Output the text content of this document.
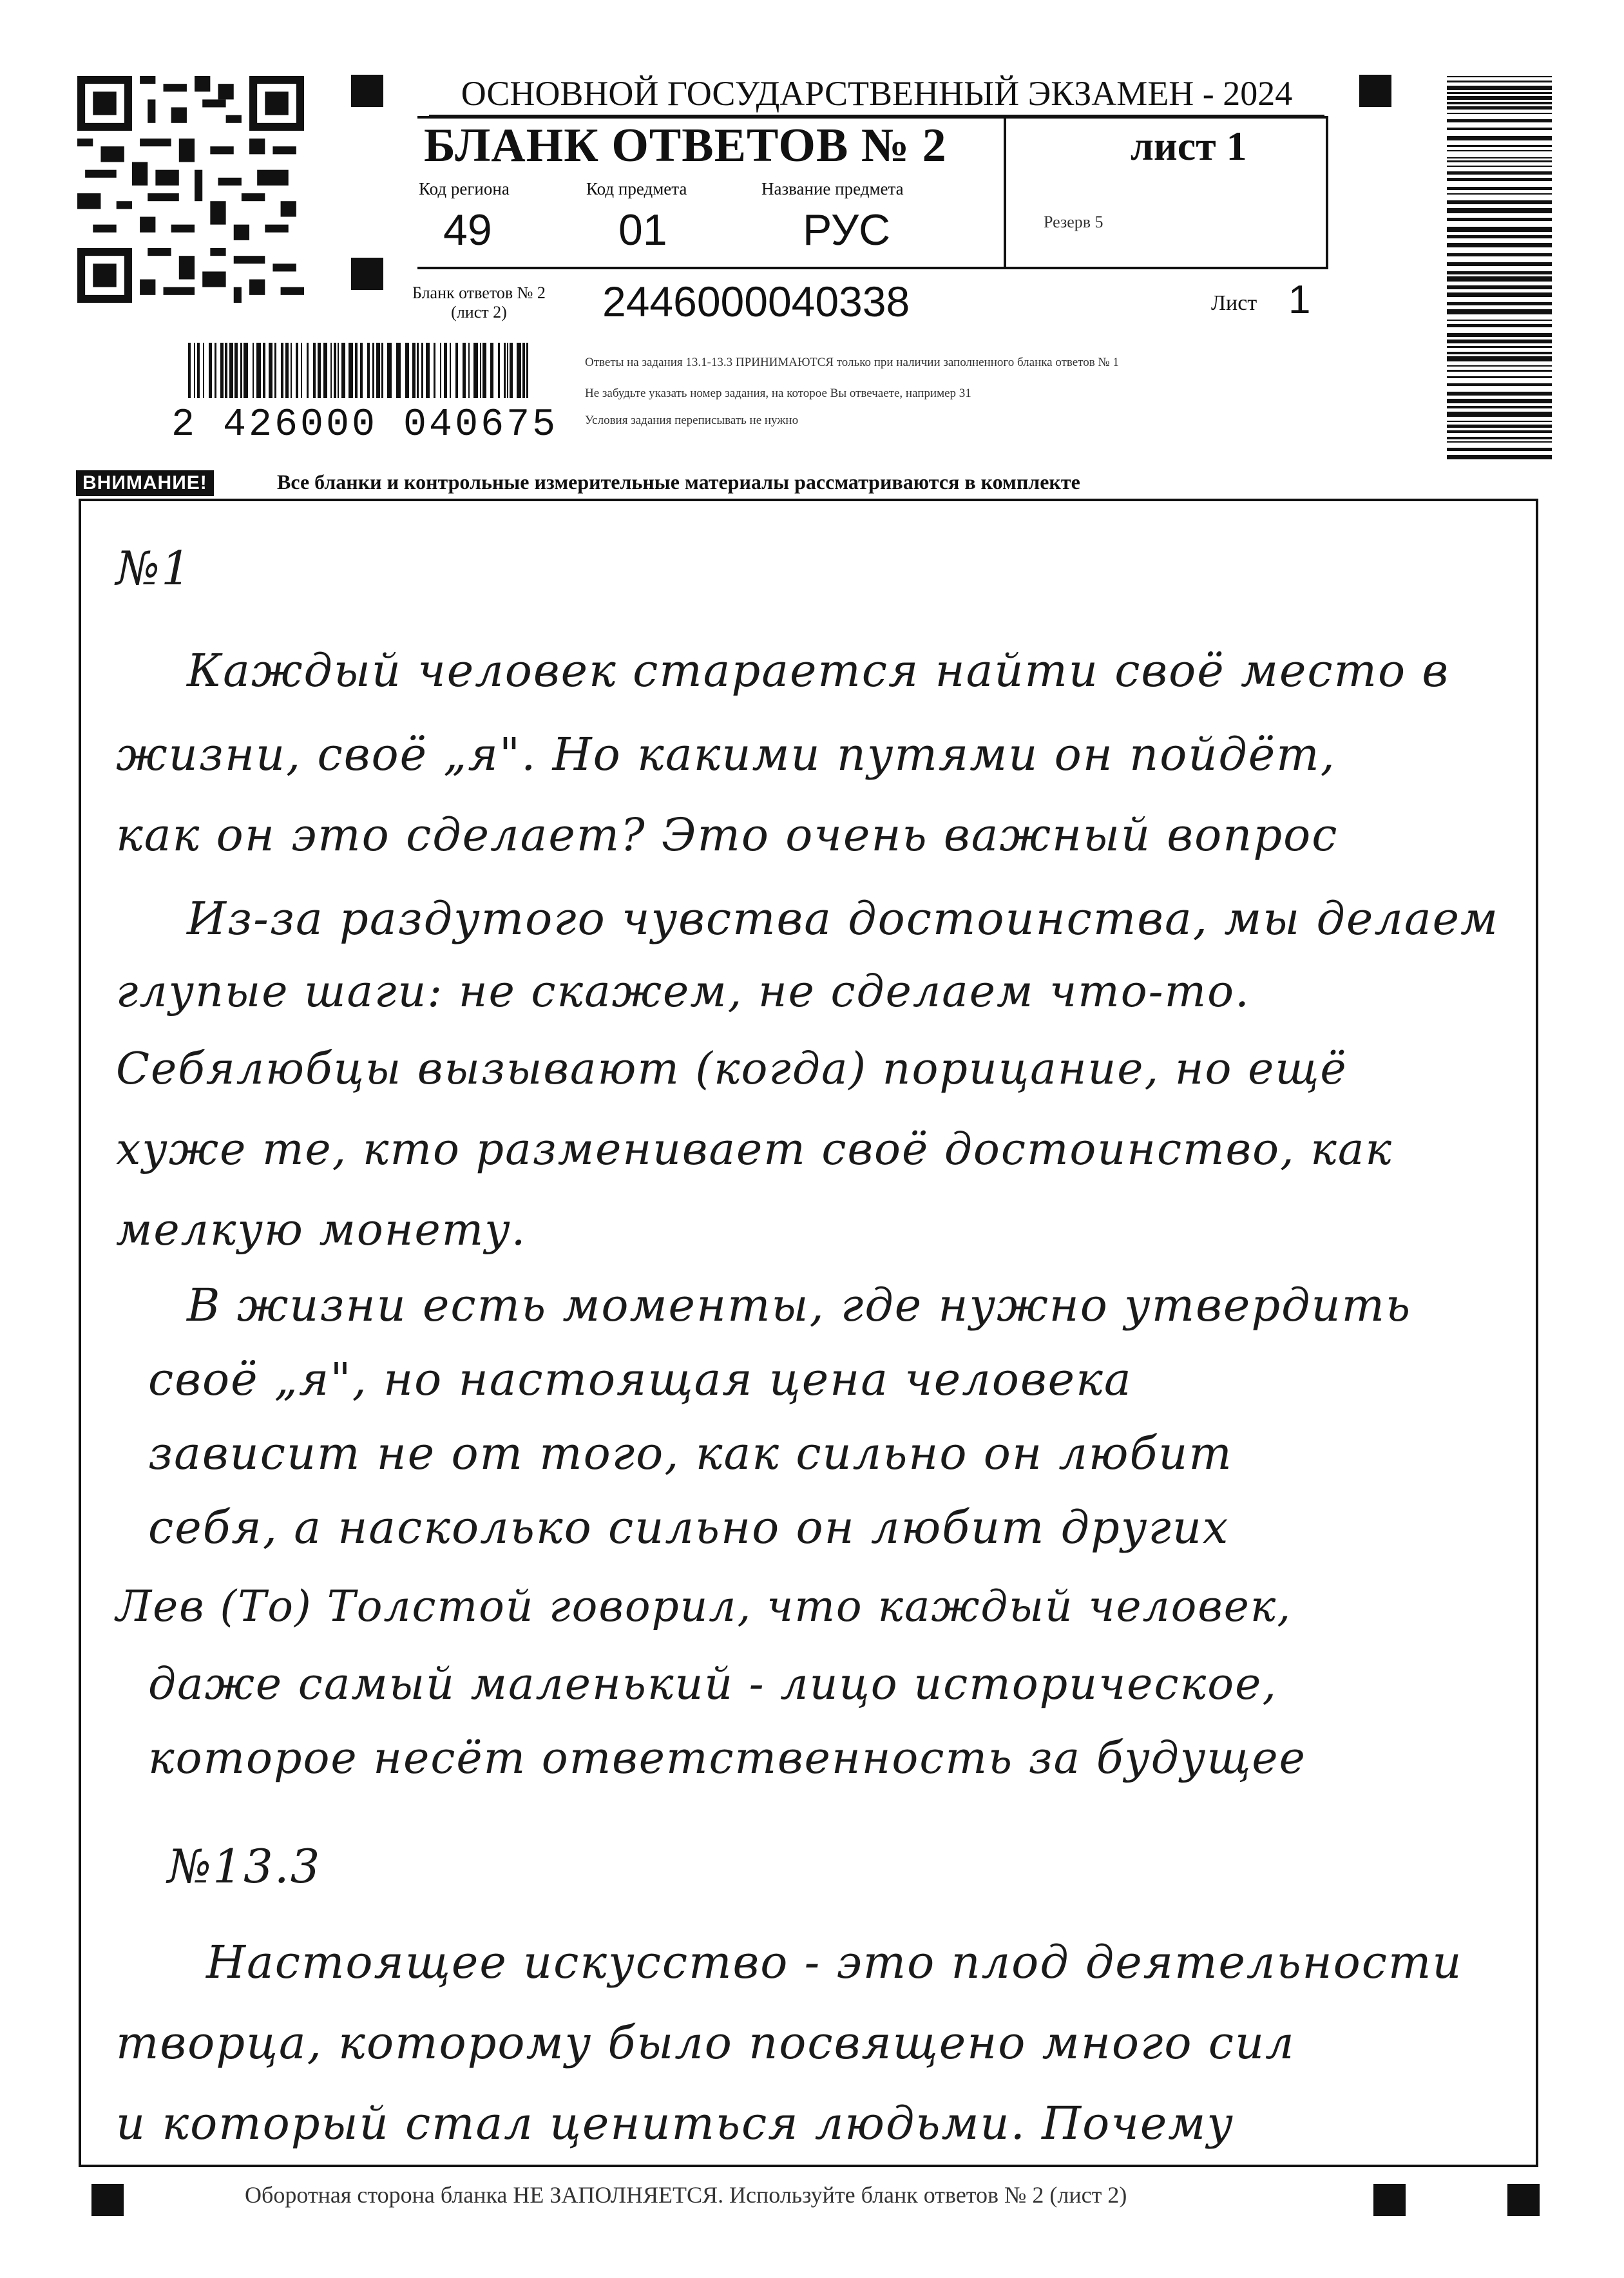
2 426000 040675
ОСНОВНОЙ ГОСУДАРСТВЕННЫЙ ЭКЗАМЕН - 2024
БЛАНК ОТВЕТОВ № 2	лист 1
Код региона
49
Код предмета
01
Название предмета
РУС	Резерв 5
Бланк ответов № 2
(лист 2)	2446000040338	Лист 1
Ответы на задания 13.1-13.3 ПРИНИМАЮТСЯ только при наличии заполненного бланка ответов № 1
Не забудьте указать номер задания, на которое Вы отвечаете, например 31
Условия задания переписывать не нужно
ВНИМАНИЕ!	Все бланки и контрольные измерительные материалы рассматриваются в комплекте
№1
Каждый человек старается найти своё место в
жизни, своё „я". Но какими путями он пойдёт,
как он это сделает? Это очень важный вопрос
Из-за раздутого чувства достоинства, мы делаем
глупые шаги: не скажем, не сделаем что-то.
Себялюбцы вызывают (когда) порицание, но ещё
хуже те, кто разменивает своё достоинство, как
мелкую монету.
В жизни есть моменты, где нужно утвердить
своё „я", но настоящая цена человека
зависит не от того, как сильно он любит
себя, а насколько сильно он любит других
Лев (То) Толстой говорил, что каждый человек,
даже самый маленький - лицо историческое,
которое несёт ответственность за будущее
№13.3
Настоящее искусство - это плод деятельности
творца, которому было посвящено много сил
и который стал цениться людьми. Почему
Оборотная сторона бланка НЕ ЗАПОЛНЯЕТСЯ. Используйте бланк ответов № 2 (лист 2)
